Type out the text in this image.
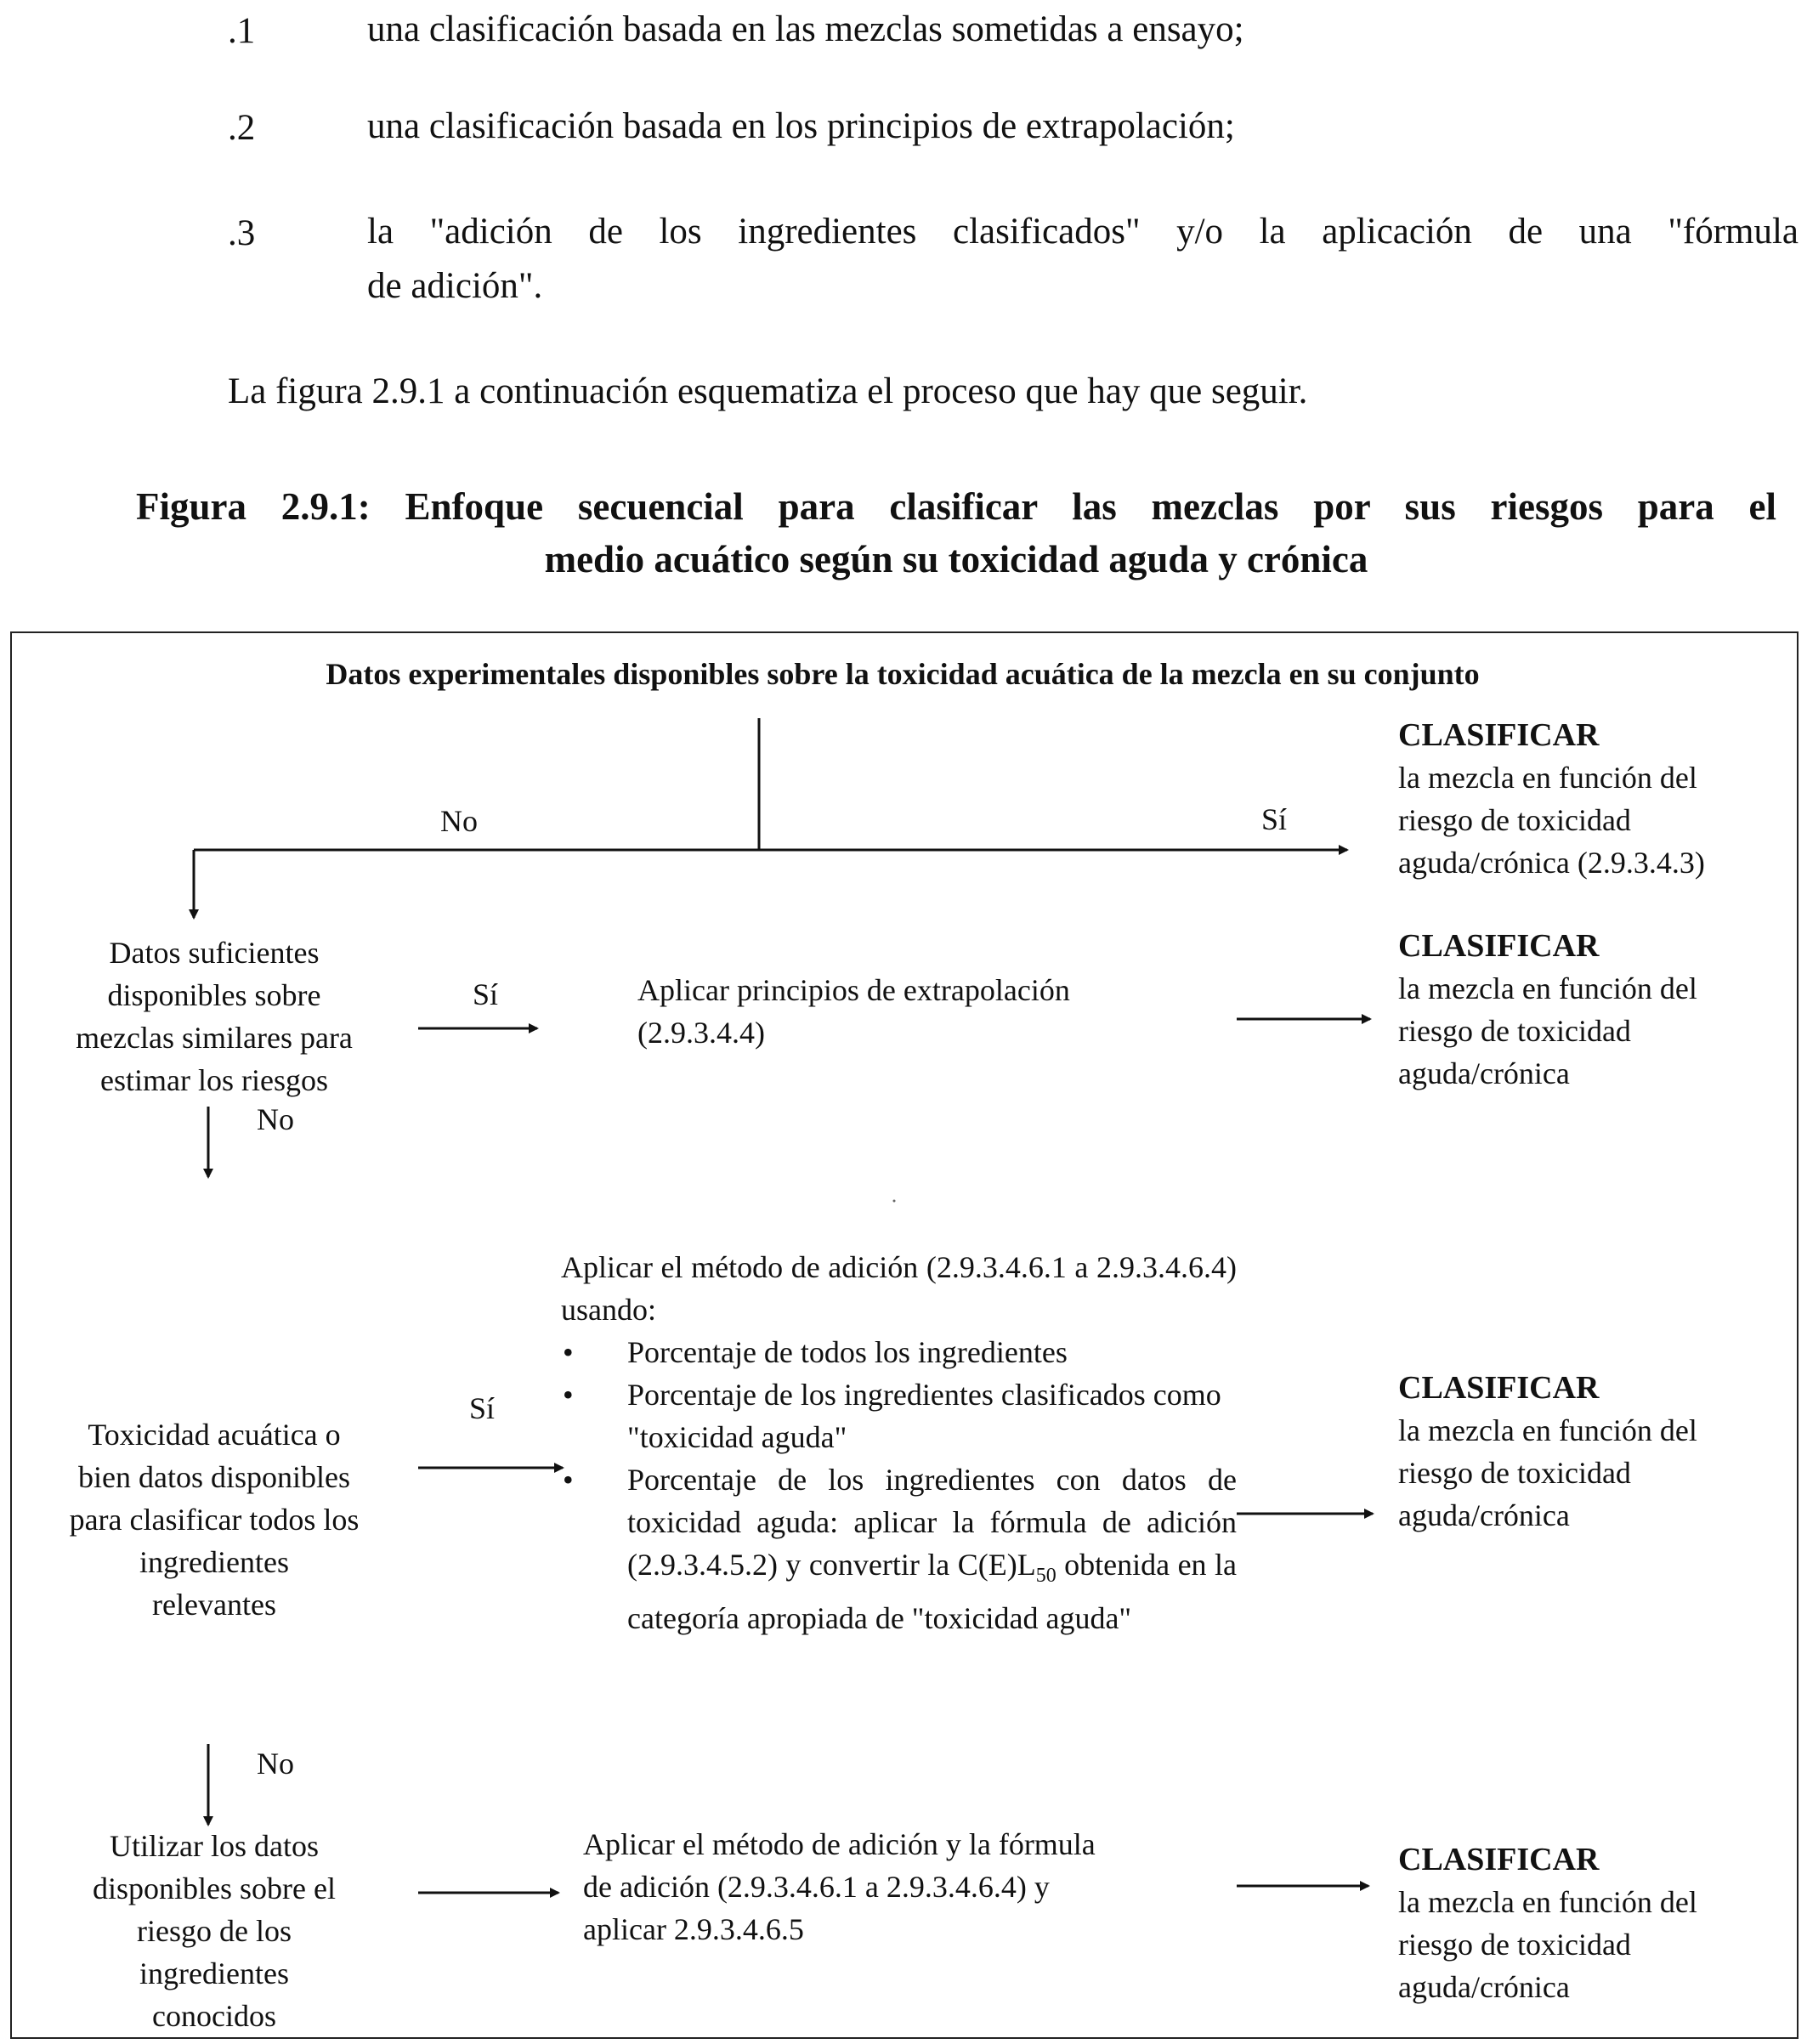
.1	una clasificación basada en las mezclas sometidas a ensayo;
.2	una clasificación basada en los principios de extrapolación;
.3	la "adición de los ingredientes clasificados" y/o la aplicación de una "fórmula
de adición".
La figura 2.9.1 a continuación esquematiza el proceso que hay que seguir.
Figura 2.9.1: Enfoque secuencial para clasificar las mezclas por sus riesgos para el
medio acuático según su toxicidad aguda y crónica
Datos experimentales disponibles sobre la toxicidad acuática de la mezcla en su conjunto
No	Sí
CLASIFICAR
la mezcla en función del
riesgo de toxicidad
aguda/crónica (2.9.3.4.3)
Datos suficientes
disponibles sobre
mezclas similares para
estimar los riesgos
Sí
No
Aplicar principios de extrapolación
(2.9.3.4.4)
CLASIFICAR
la mezcla en función del
riesgo de toxicidad
aguda/crónica
Toxicidad acuática o
bien datos disponibles
para clasificar todos los
ingredientes
relevantes
Sí
No
Aplicar el método de adición (2.9.3.4.6.1 a 2.9.3.4.6.4) usando:
• Porcentaje de todos los ingredientes
• Porcentaje de los ingredientes clasificados como "toxicidad aguda"
• Porcentaje de los ingredientes con datos de toxicidad aguda: aplicar la fórmula de adición (2.9.3.4.5.2) y convertir la $C(E)L_{50}$ obtenida en la categoría apropiada de "toxicidad aguda"
CLASIFICAR
la mezcla en función del
riesgo de toxicidad
aguda/crónica
Utilizar los datos
disponibles sobre el
riesgo de los
ingredientes
conocidos
Aplicar el método de adición y la fórmula
de adición (2.9.3.4.6.1 a 2.9.3.4.6.4) y
aplicar 2.9.3.4.6.5
CLASIFICAR
la mezcla en función del
riesgo de toxicidad
aguda/crónica
